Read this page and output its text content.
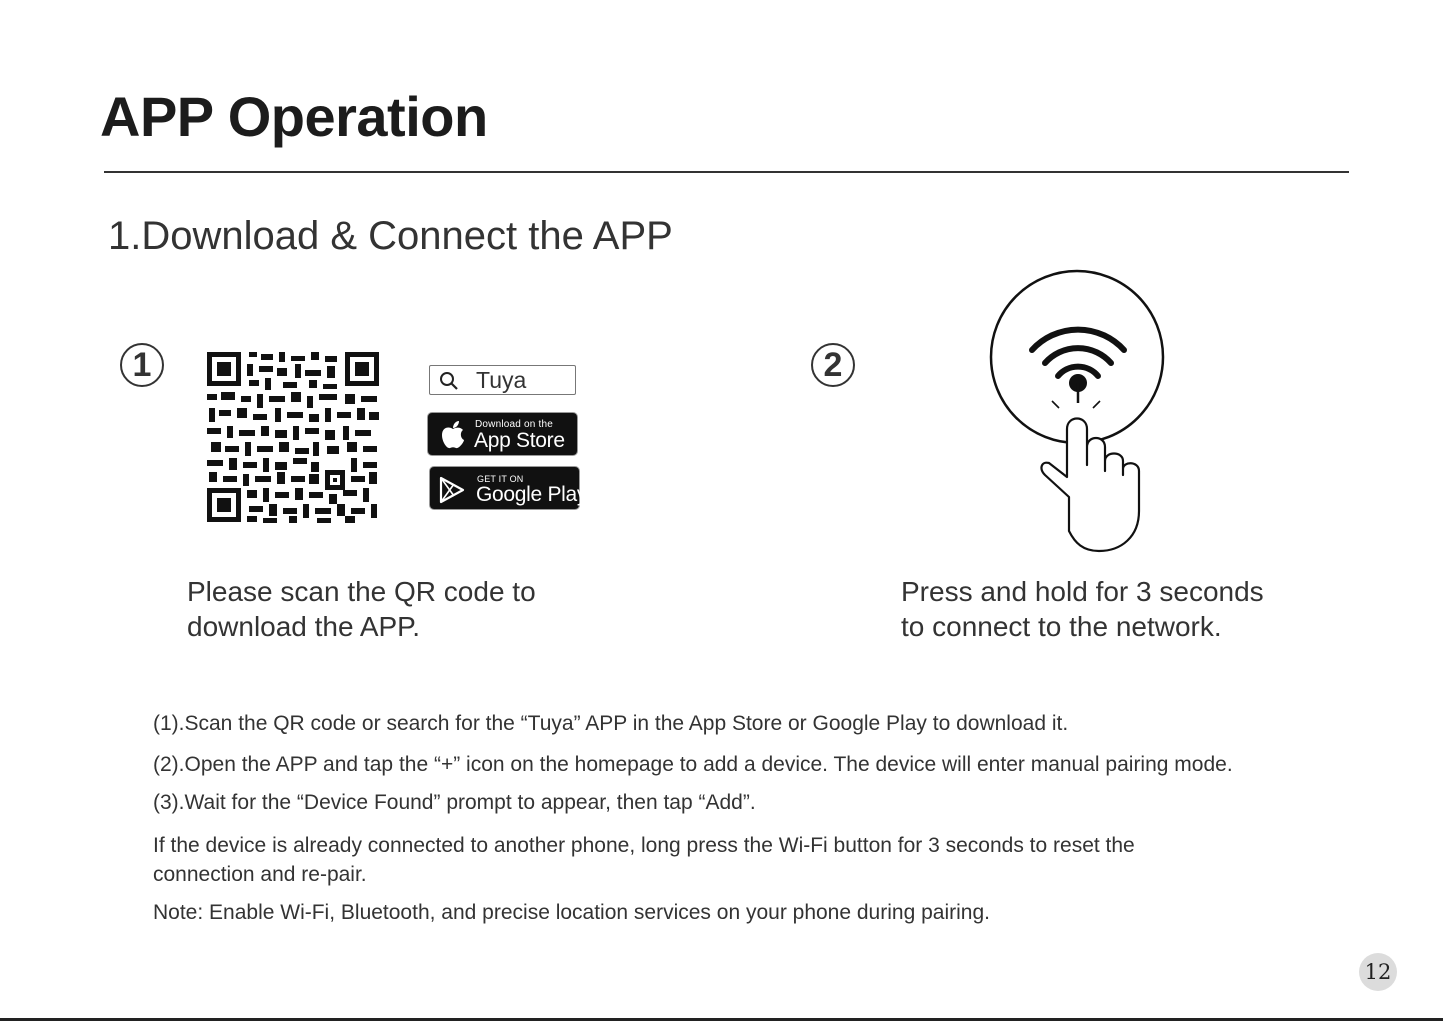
APP Operation
1.Download & Connect the APP
1	Tuya
Download on the
App Store
GET IT ON
Google Play
Please scan the QR code to
download the APP.
2
Press and hold for 3 seconds
to connect to the network.
(1).Scan the QR code or search for the “Tuya” APP in the App Store or Google Play to download it.
(2).Open the APP and tap the “+” icon on the homepage to add a device. The device will enter manual pairing mode.
(3).Wait for the “Device Found” prompt to appear, then tap “Add”.
If the device is already connected to another phone, long press the Wi-Fi button for 3 seconds to reset the
connection and re-pair.
Note: Enable Wi-Fi, Bluetooth, and precise location services on your phone during pairing.
12
